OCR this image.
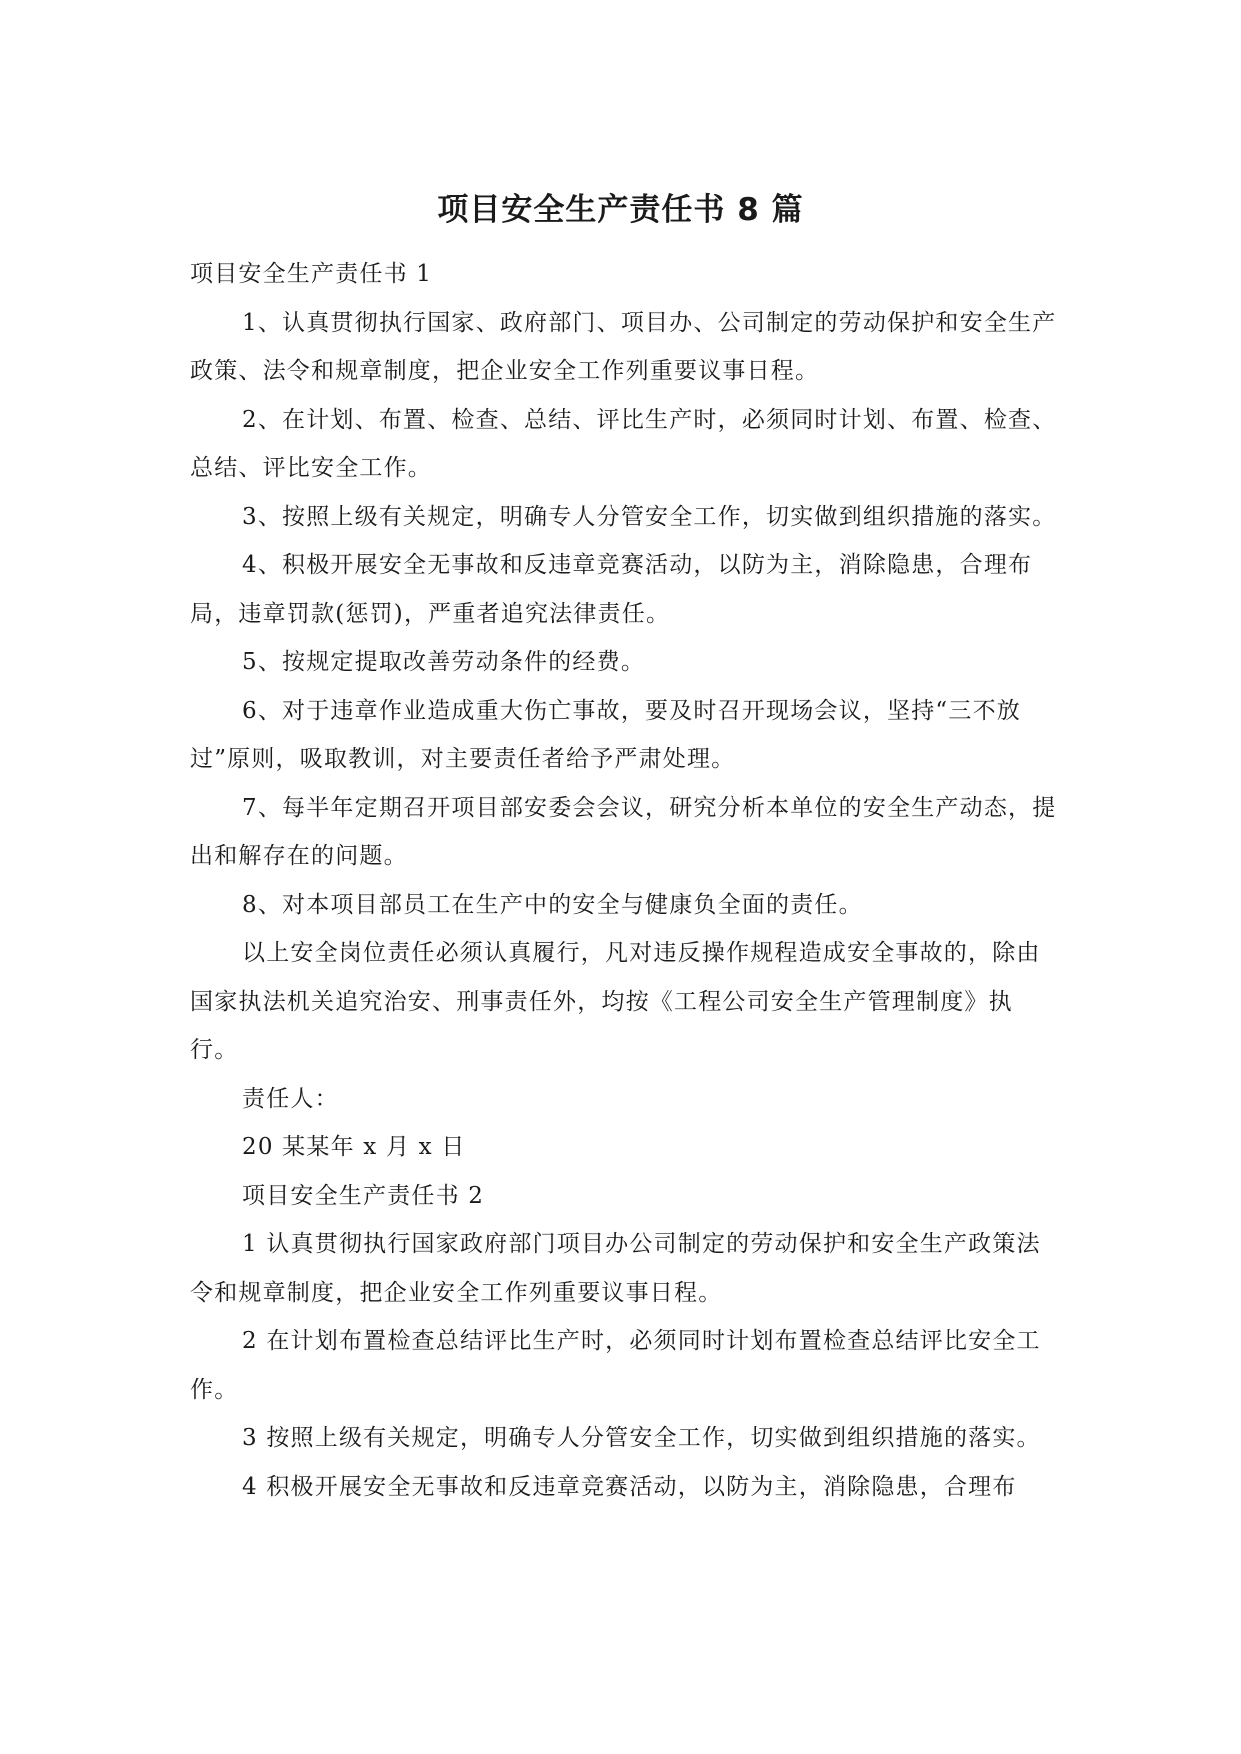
项目安全生产责任书 8 篇

项目安全生产责任书 1

1、认真贯彻执行国家、政府部门、项目办、公司制定的劳动保护和安全生产政策、法令和规章制度，把企业安全工作列重要议事日程。

2、在计划、布置、检查、总结、评比生产时，必须同时计划、布置、检查、总结、评比安全工作。

3、按照上级有关规定，明确专人分管安全工作，切实做到组织措施的落实。

4、积极开展安全无事故和反违章竞赛活动，以防为主，消除隐患，合理布局，违章罚款(惩罚)，严重者追究法律责任。

5、按规定提取改善劳动条件的经费。

6、对于违章作业造成重大伤亡事故，要及时召开现场会议，坚持“三不放过”原则，吸取教训，对主要责任者给予严肃处理。

7、每半年定期召开项目部安委会会议，研究分析本单位的安全生产动态，提出和解存在的问题。

8、对本项目部员工在生产中的安全与健康负全面的责任。

以上安全岗位责任必须认真履行，凡对违反操作规程造成安全事故的，除由国家执法机关追究治安、刑事责任外，均按《工程公司安全生产管理制度》执行。

责任人：

20 某某年 x 月 x 日

项目安全生产责任书 2

1 认真贯彻执行国家政府部门项目办公司制定的劳动保护和安全生产政策法令和规章制度，把企业安全工作列重要议事日程。

2 在计划布置检查总结评比生产时，必须同时计划布置检查总结评比安全工作。

3 按照上级有关规定，明确专人分管安全工作，切实做到组织措施的落实。

4 积极开展安全无事故和反违章竞赛活动，以防为主，消除隐患，合理布
